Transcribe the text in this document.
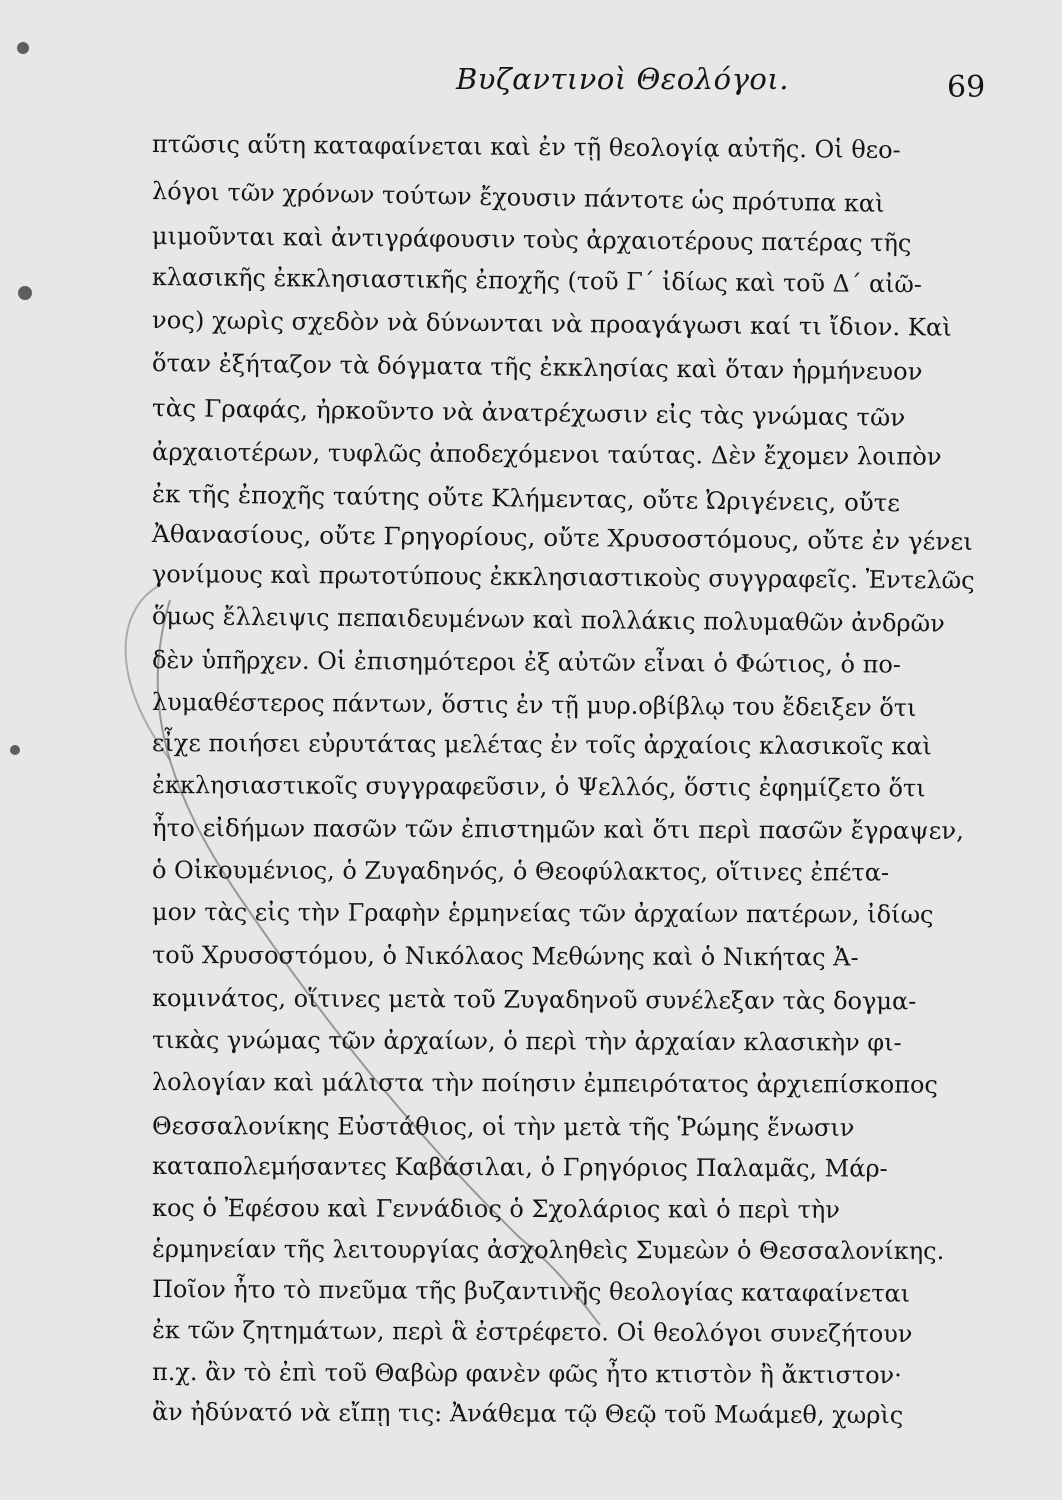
Βυζαντινοὶ Θεολόγοι.	69
πτῶσις αὕτη καταφαίνεται καὶ ἐν τῇ θεολογίᾳ αὐτῆς. Οἱ θεο-
λόγοι τῶν χρόνων τούτων ἔχουσιν πάντοτε ὡς πρότυπα καὶ
μιμοῦνται καὶ ἀντιγράφουσιν τοὺς ἀρχαιοτέρους πατέρας τῆς
κλασικῆς ἐκκλησιαστικῆς ἐποχῆς (τοῦ Γ´ ἰδίως καὶ τοῦ Δ´ αἰῶ-
νος) χωρὶς σχεδὸν νὰ δύνωνται νὰ προαγάγωσι καί τι ἴδιον. Καὶ
ὅταν ἐξήταζον τὰ δόγματα τῆς ἐκκλησίας καὶ ὅταν ἡρμήνευον
τὰς Γραφάς, ἠρκοῦντο νὰ ἀνατρέχωσιν εἰς τὰς γνώμας τῶν
ἀρχαιοτέρων, τυφλῶς ἀποδεχόμενοι ταύτας. Δὲν ἔχομεν λοιπὸν
ἐκ τῆς ἐποχῆς ταύτης οὔτε Κλήμεντας, οὔτε Ὠριγένεις, οὔτε
Ἀθανασίους, οὔτε Γρηγορίους, οὔτε Χρυσοστόμους, οὔτε ἐν γένει
γονίμους καὶ πρωτοτύπους ἐκκλησιαστικοὺς συγγραφεῖς. Ἐντελῶς
ὅμως ἔλλειψις πεπαιδευμένων καὶ πολλάκις πολυμαθῶν ἀνδρῶν
δὲν ὑπῆρχεν. Οἱ ἐπισημότεροι ἐξ αὐτῶν εἶναι ὁ Φώτιος, ὁ πο-
λυμαθέστερος πάντων, ὅστις ἐν τῇ μυρ.οβίβλῳ του ἔδειξεν ὅτι
εἶχε ποιήσει εὐρυτάτας μελέτας ἐν τοῖς ἀρχαίοις κλασικοῖς καὶ
ἐκκλησιαστικοῖς συγγραφεῦσιν, ὁ Ψελλός, ὅστις ἐφημίζετο ὅτι
ἦτο εἰδήμων πασῶν τῶν ἐπιστημῶν καὶ ὅτι περὶ πασῶν ἔγραψεν,
ὁ Οἰκουμένιος, ὁ Ζυγαδηνός, ὁ Θεοφύλακτος, οἵτινες ἐπέτα-
μον τὰς εἰς τὴν Γραφὴν ἑρμηνείας τῶν ἀρχαίων πατέρων, ἰδίως
τοῦ Χρυσοστόμου, ὁ Νικόλαος Μεθώνης καὶ ὁ Νικήτας Ἀ-
κομινάτος, οἵτινες μετὰ τοῦ Ζυγαδηνοῦ συνέλεξαν τὰς δογμα-
τικὰς γνώμας τῶν ἀρχαίων, ὁ περὶ τὴν ἀρχαίαν κλασικὴν φι-
λολογίαν καὶ μάλιστα τὴν ποίησιν ἐμπειρότατος ἀρχιεπίσκοπος
Θεσσαλονίκης Εὐστάθιος, οἱ τὴν μετὰ τῆς Ῥώμης ἕνωσιν
καταπολεμήσαντες Καβάσιλαι, ὁ Γρηγόριος Παλαμᾶς, Μάρ-
κος ὁ Ἐφέσου καὶ Γεννάδιος ὁ Σχολάριος καὶ ὁ περὶ τὴν
ἑρμηνείαν τῆς λειτουργίας ἀσχοληθεὶς Συμεὼν ὁ Θεσσαλονίκης.
Ποῖον ἦτο τὸ πνεῦμα τῆς βυζαντινῆς θεολογίας καταφαίνεται
ἐκ τῶν ζητημάτων, περὶ ἃ ἐστρέφετο. Οἱ θεολόγοι συνεζήτουν
π.χ. ἂν τὸ ἐπὶ τοῦ Θαβὼρ φανὲν φῶς ἦτο κτιστὸν ἢ ἄκτιστον·
ἂν ἠδύνατό νὰ εἴπῃ τις: Ἀνάθεμα τῷ Θεῷ τοῦ Μωάμεθ, χωρὶς
